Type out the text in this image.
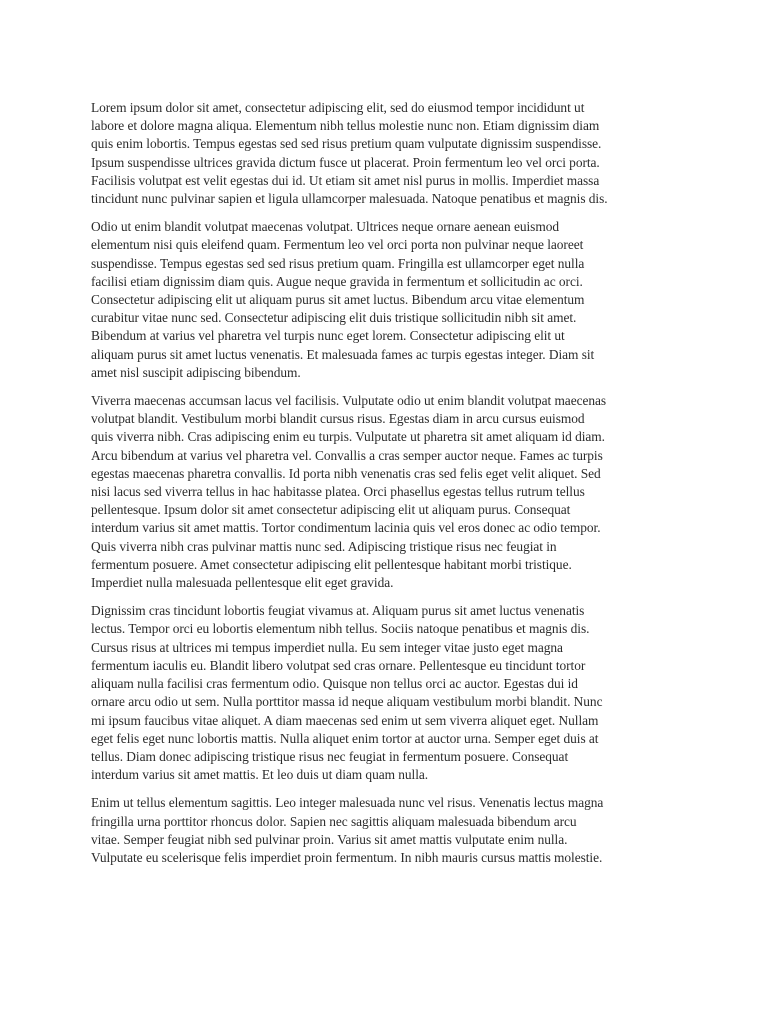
Lorem ipsum dolor sit amet, consectetur adipiscing elit, sed do eiusmod tempor incididunt ut
labore et dolore magna aliqua. Elementum nibh tellus molestie nunc non. Etiam dignissim diam
quis enim lobortis. Tempus egestas sed sed risus pretium quam vulputate dignissim suspendisse.
Ipsum suspendisse ultrices gravida dictum fusce ut placerat. Proin fermentum leo vel orci porta.
Facilisis volutpat est velit egestas dui id. Ut etiam sit amet nisl purus in mollis. Imperdiet massa
tincidunt nunc pulvinar sapien et ligula ullamcorper malesuada. Natoque penatibus et magnis dis.

Odio ut enim blandit volutpat maecenas volutpat. Ultrices neque ornare aenean euismod
elementum nisi quis eleifend quam. Fermentum leo vel orci porta non pulvinar neque laoreet
suspendisse. Tempus egestas sed sed risus pretium quam. Fringilla est ullamcorper eget nulla
facilisi etiam dignissim diam quis. Augue neque gravida in fermentum et sollicitudin ac orci.
Consectetur adipiscing elit ut aliquam purus sit amet luctus. Bibendum arcu vitae elementum
curabitur vitae nunc sed. Consectetur adipiscing elit duis tristique sollicitudin nibh sit amet.
Bibendum at varius vel pharetra vel turpis nunc eget lorem. Consectetur adipiscing elit ut
aliquam purus sit amet luctus venenatis. Et malesuada fames ac turpis egestas integer. Diam sit
amet nisl suscipit adipiscing bibendum.

Viverra maecenas accumsan lacus vel facilisis. Vulputate odio ut enim blandit volutpat maecenas
volutpat blandit. Vestibulum morbi blandit cursus risus. Egestas diam in arcu cursus euismod
quis viverra nibh. Cras adipiscing enim eu turpis. Vulputate ut pharetra sit amet aliquam id diam.
Arcu bibendum at varius vel pharetra vel. Convallis a cras semper auctor neque. Fames ac turpis
egestas maecenas pharetra convallis. Id porta nibh venenatis cras sed felis eget velit aliquet. Sed
nisi lacus sed viverra tellus in hac habitasse platea. Orci phasellus egestas tellus rutrum tellus
pellentesque. Ipsum dolor sit amet consectetur adipiscing elit ut aliquam purus. Consequat
interdum varius sit amet mattis. Tortor condimentum lacinia quis vel eros donec ac odio tempor.
Quis viverra nibh cras pulvinar mattis nunc sed. Adipiscing tristique risus nec feugiat in
fermentum posuere. Amet consectetur adipiscing elit pellentesque habitant morbi tristique.
Imperdiet nulla malesuada pellentesque elit eget gravida.

Dignissim cras tincidunt lobortis feugiat vivamus at. Aliquam purus sit amet luctus venenatis
lectus. Tempor orci eu lobortis elementum nibh tellus. Sociis natoque penatibus et magnis dis.
Cursus risus at ultrices mi tempus imperdiet nulla. Eu sem integer vitae justo eget magna
fermentum iaculis eu. Blandit libero volutpat sed cras ornare. Pellentesque eu tincidunt tortor
aliquam nulla facilisi cras fermentum odio. Quisque non tellus orci ac auctor. Egestas dui id
ornare arcu odio ut sem. Nulla porttitor massa id neque aliquam vestibulum morbi blandit. Nunc
mi ipsum faucibus vitae aliquet. A diam maecenas sed enim ut sem viverra aliquet eget. Nullam
eget felis eget nunc lobortis mattis. Nulla aliquet enim tortor at auctor urna. Semper eget duis at
tellus. Diam donec adipiscing tristique risus nec feugiat in fermentum posuere. Consequat
interdum varius sit amet mattis. Et leo duis ut diam quam nulla.

Enim ut tellus elementum sagittis. Leo integer malesuada nunc vel risus. Venenatis lectus magna
fringilla urna porttitor rhoncus dolor. Sapien nec sagittis aliquam malesuada bibendum arcu
vitae. Semper feugiat nibh sed pulvinar proin. Varius sit amet mattis vulputate enim nulla.
Vulputate eu scelerisque felis imperdiet proin fermentum. In nibh mauris cursus mattis molestie.
